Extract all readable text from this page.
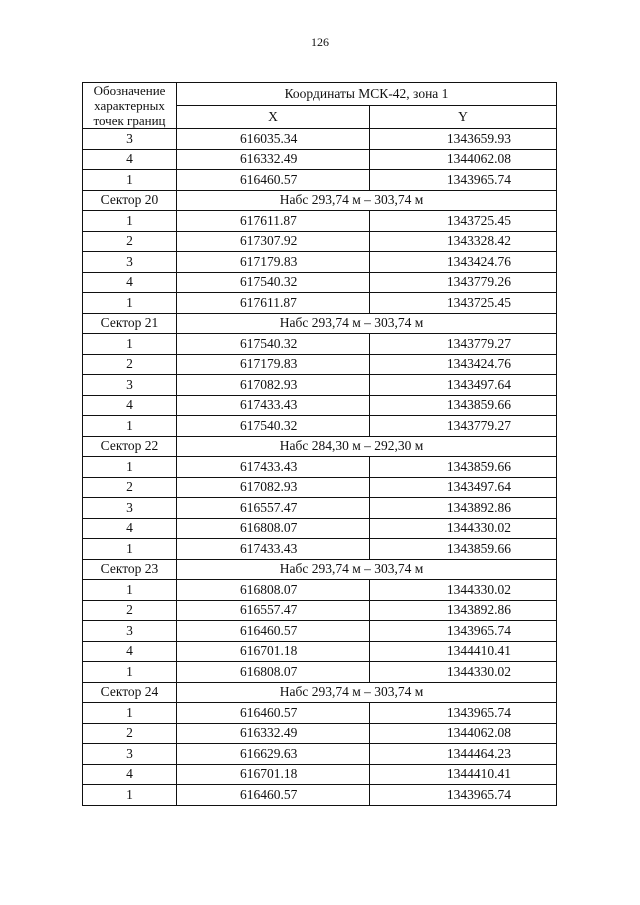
126
Обозначение характерных точек границ	Координаты МСК-42, зона 1	
	X	Y
3	616035.34	1343659.93
4	616332.49	1344062.08
1	616460.57	1343965.74
Сектор 20	Набс 293,74 м – 303,74 м	
1	617611.87	1343725.45
2	617307.92	1343328.42
3	617179.83	1343424.76
4	617540.32	1343779.26
1	617611.87	1343725.45
Сектор 21	Набс 293,74 м – 303,74 м	
1	617540.32	1343779.27
2	617179.83	1343424.76
3	617082.93	1343497.64
4	617433.43	1343859.66
1	617540.32	1343779.27
Сектор 22	Набс 284,30 м – 292,30 м	
1	617433.43	1343859.66
2	617082.93	1343497.64
3	616557.47	1343892.86
4	616808.07	1344330.02
1	617433.43	1343859.66
Сектор 23	Набс 293,74 м – 303,74 м	
1	616808.07	1344330.02
2	616557.47	1343892.86
3	616460.57	1343965.74
4	616701.18	1344410.41
1	616808.07	1344330.02
Сектор 24	Набс 293,74 м – 303,74 м	
1	616460.57	1343965.74
2	616332.49	1344062.08
3	616629.63	1344464.23
4	616701.18	1344410.41
1	616460.57	1343965.74
